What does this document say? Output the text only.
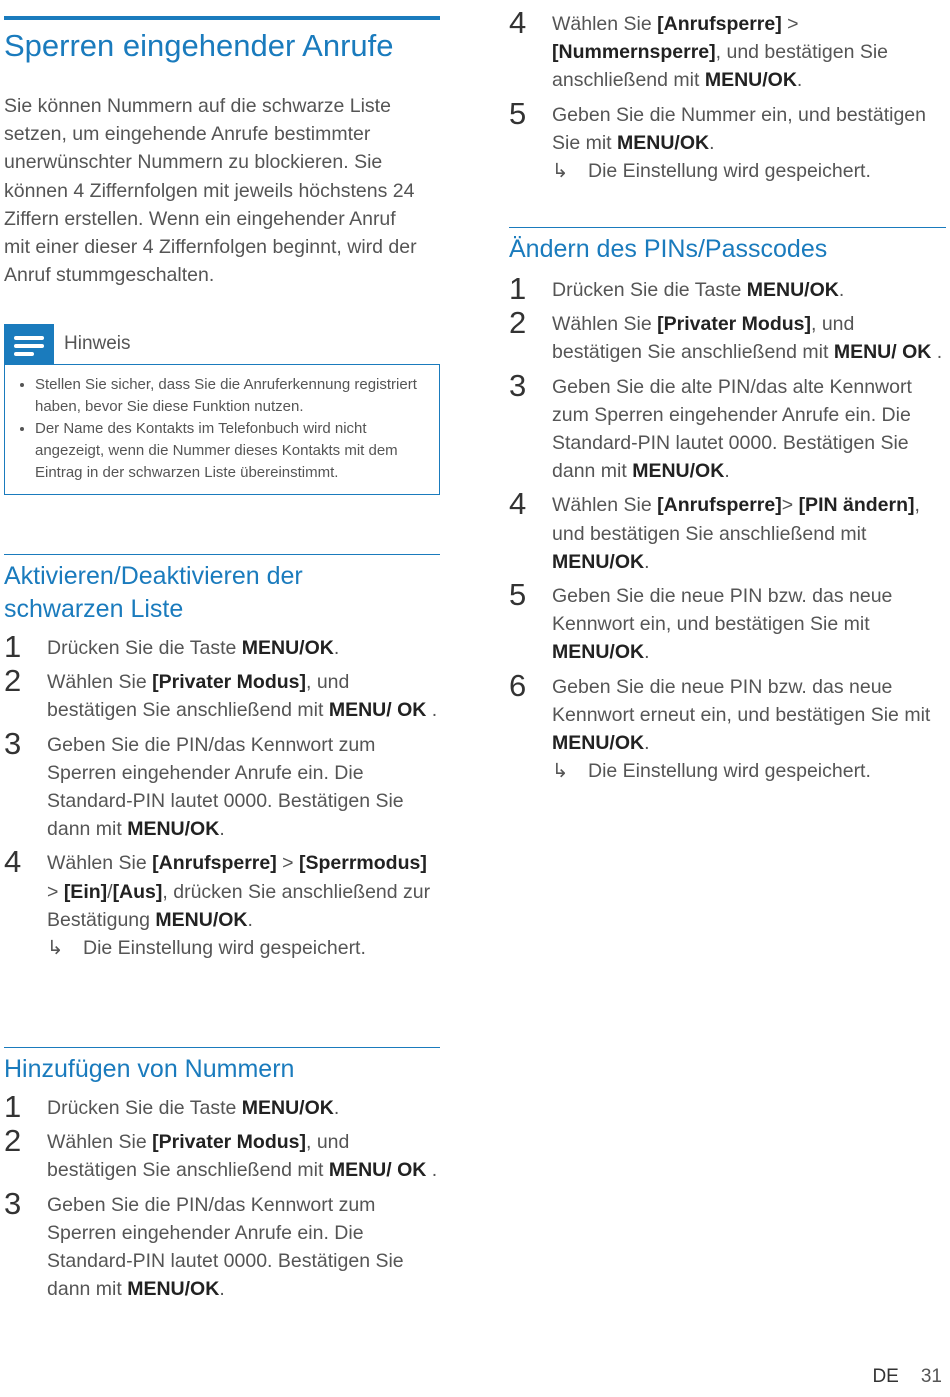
Sperren eingehender Anrufe

Sie können Nummern auf die schwarze Liste setzen, um eingehende Anrufe bestimmter unerwünschter Nummern zu blockieren. Sie können 4 Ziffernfolgen mit jeweils höchstens 24 Ziffern erstellen. Wenn ein eingehender Anruf mit einer dieser 4 Ziffernfolgen beginnt, wird der Anruf stummgeschalten.

Hinweis
• Stellen Sie sicher, dass Sie die Anruferkennung registriert haben, bevor Sie diese Funktion nutzen.
• Der Name des Kontakts im Telefonbuch wird nicht angezeigt, wenn die Nummer dieses Kontakts mit dem Eintrag in der schwarzen Liste übereinstimmt.
Aktivieren/Deaktivieren der schwarzen Liste
1 Drücken Sie die Taste MENU/OK.
2 Wählen Sie [Privater Modus], und bestätigen Sie anschließend mit MENU/ OK .
3 Geben Sie die PIN/das Kennwort zum Sperren eingehender Anrufe ein. Die Standard-PIN lautet 0000. Bestätigen Sie dann mit MENU/OK.
4 Wählen Sie [Anrufsperre] > [Sperrmodus] > [Ein]/[Aus], drücken Sie anschließend zur Bestätigung MENU/OK.
↳ Die Einstellung wird gespeichert.
Hinzufügen von Nummern
1 Drücken Sie die Taste MENU/OK.
2 Wählen Sie [Privater Modus], und bestätigen Sie anschließend mit MENU/ OK .
3 Geben Sie die PIN/das Kennwort zum Sperren eingehender Anrufe ein. Die Standard-PIN lautet 0000. Bestätigen Sie dann mit MENU/OK.
4 Wählen Sie [Anrufsperre] > [Nummernsperre], und bestätigen Sie anschließend mit MENU/OK.
5 Geben Sie die Nummer ein, und bestätigen Sie mit MENU/OK.
↳ Die Einstellung wird gespeichert.
Ändern des PINs/Passcodes
1 Drücken Sie die Taste MENU/OK.
2 Wählen Sie [Privater Modus], und bestätigen Sie anschließend mit MENU/ OK .
3 Geben Sie die alte PIN/das alte Kennwort zum Sperren eingehender Anrufe ein. Die Standard-PIN lautet 0000. Bestätigen Sie dann mit MENU/OK.
4 Wählen Sie [Anrufsperre]> [PIN ändern], und bestätigen Sie anschließend mit MENU/OK.
5 Geben Sie die neue PIN bzw. das neue Kennwort ein, und bestätigen Sie mit MENU/OK.
6 Geben Sie die neue PIN bzw. das neue Kennwort erneut ein, und bestätigen Sie mit MENU/OK.
↳ Die Einstellung wird gespeichert.
DE 31
